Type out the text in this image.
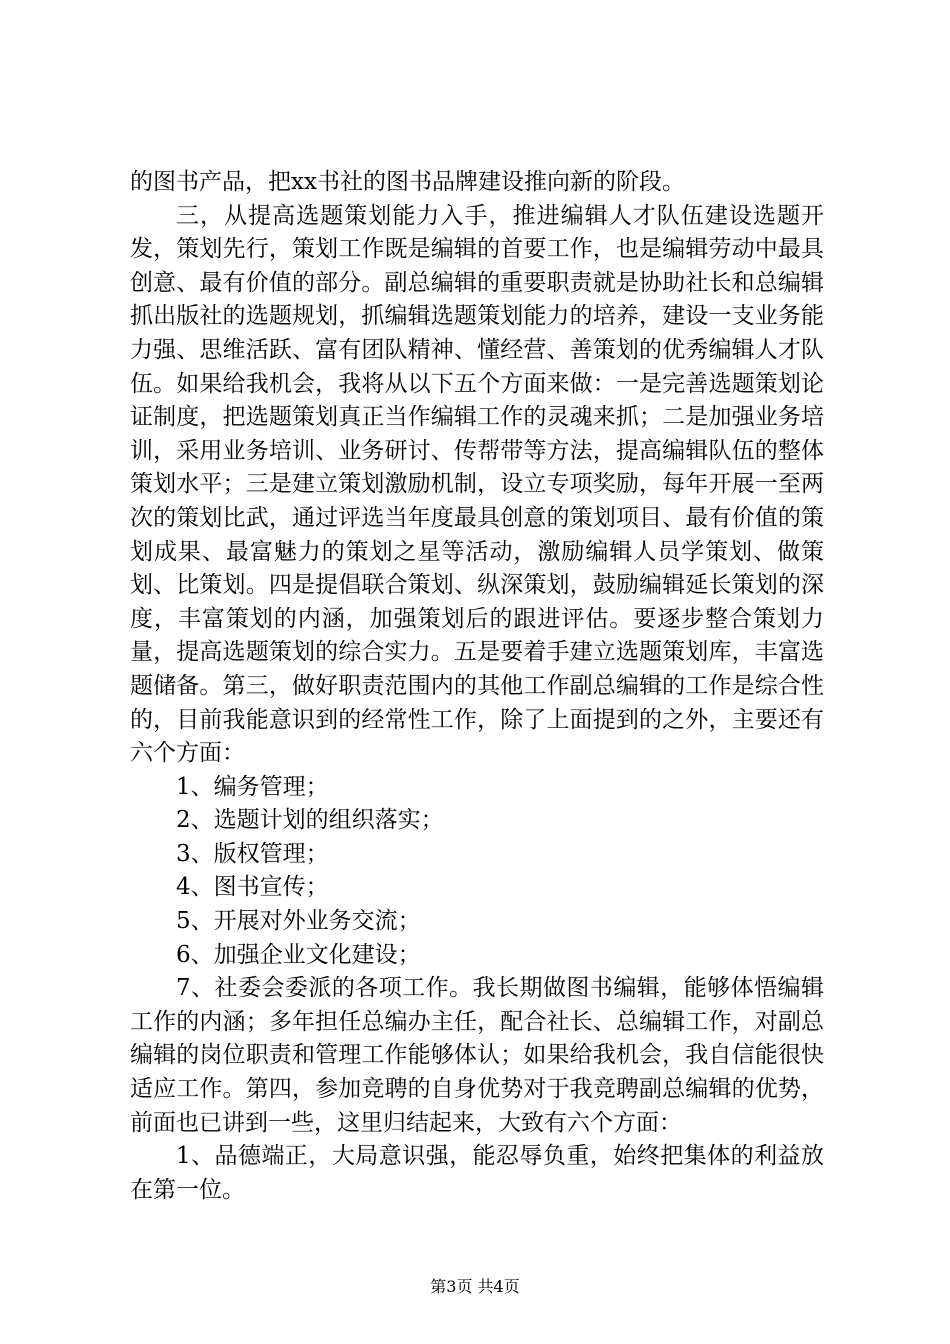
的图书产品，把xx书社的图书品牌建设推向新的阶段。

三，从提高选题策划能力入手，推进编辑人才队伍建设选题开发，策划先行，策划工作既是编辑的首要工作，也是编辑劳动中最具创意、最有价值的部分。副总编辑的重要职责就是协助社长和总编辑抓出版社的选题规划，抓编辑选题策划能力的培养，建设一支业务能力强、思维活跃、富有团队精神、懂经营、善策划的优秀编辑人才队伍。如果给我机会，我将从以下五个方面来做：一是完善选题策划论证制度，把选题策划真正当作编辑工作的灵魂来抓；二是加强业务培训，采用业务培训、业务研讨、传帮带等方法，提高编辑队伍的整体策划水平；三是建立策划激励机制，设立专项奖励，每年开展一至两次的策划比武，通过评选当年度最具创意的策划项目、最有价值的策划成果、最富魅力的策划之星等活动，激励编辑人员学策划、做策划、比策划。四是提倡联合策划、纵深策划，鼓励编辑延长策划的深度，丰富策划的内涵，加强策划后的跟进评估。要逐步整合策划力量，提高选题策划的综合实力。五是要着手建立选题策划库，丰富选题储备。第三，做好职责范围内的其他工作副总编辑的工作是综合性的，目前我能意识到的经常性工作，除了上面提到的之外，主要还有六个方面：

1、编务管理；

2、选题计划的组织落实；

3、版权管理；

4、图书宣传；

5、开展对外业务交流；

6、加强企业文化建设；

7、社委会委派的各项工作。我长期做图书编辑，能够体悟编辑工作的内涵；多年担任总编办主任，配合社长、总编辑工作，对副总编辑的岗位职责和管理工作能够体认；如果给我机会，我自信能很快适应工作。第四，参加竞聘的自身优势对于我竞聘副总编辑的优势，前面也已讲到一些，这里归结起来，大致有六个方面：

1、品德端正，大局意识强，能忍辱负重，始终把集体的利益放在第一位。

第3页 共4页
